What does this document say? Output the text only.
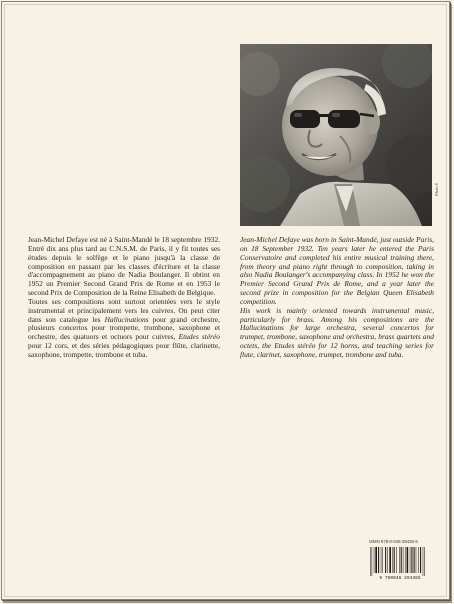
Photo X

Jean-Michel Defaye est né à Saint-Mandé le 18 septembre 1932. Entré dix ans plus tard au C.N.S.M. de Paris, il y fit toutes ses études depuis le solfège et le piano jusqu'à la classe de composition en passant par les classes d'écriture et la classe d'accompagnement au piano de Nadia Boulanger. Il obtint en 1952 un Premier Second Grand Prix de Rome et en 1953 le second Prix de Composition de la Reine Elisabeth de Belgique.

Toutes ses compositions sont surtout orientées vers le style instrumental et principalement vers les cuivres. On peut citer dans son catalogue les Hallucinations pour grand orchestre, plusieurs concertos pour trompette, trombone, saxophone et orchestre, des quatuors et octuors pour cuivres, Etudes stéréo pour 12 cors, et des séries pédagogiques pour flûte, clarinette, saxophone, trompette, trombone et tuba.

Jean-Michel Defaye was born in Saint-Mandé, just outside Paris, on 18 September 1932. Ten years later he entered the Paris Conservatoire and completed his entire musical training there, from theory and piano right through to composition, taking in also Nadia Boulanger's accompanying class. In 1952 he won the Premier Second Grand Prix de Rome, and a year later the second prize in composition for the Belgian Queen Elisabeth competition.

His work is mainly oriented towards instrumental music, particularly for brass. Among his compositions are the Hallucinations for large orchestra, several concertos for trumpet, trombone, saxophone and orchestra, brass quartets and octets, the Etudes stéréo for 12 horns, and teaching series for flute, clarinet, saxophone, trumpet, trombone and tuba.

ISMN 979-0-046-29436-5
9 790046 294365
